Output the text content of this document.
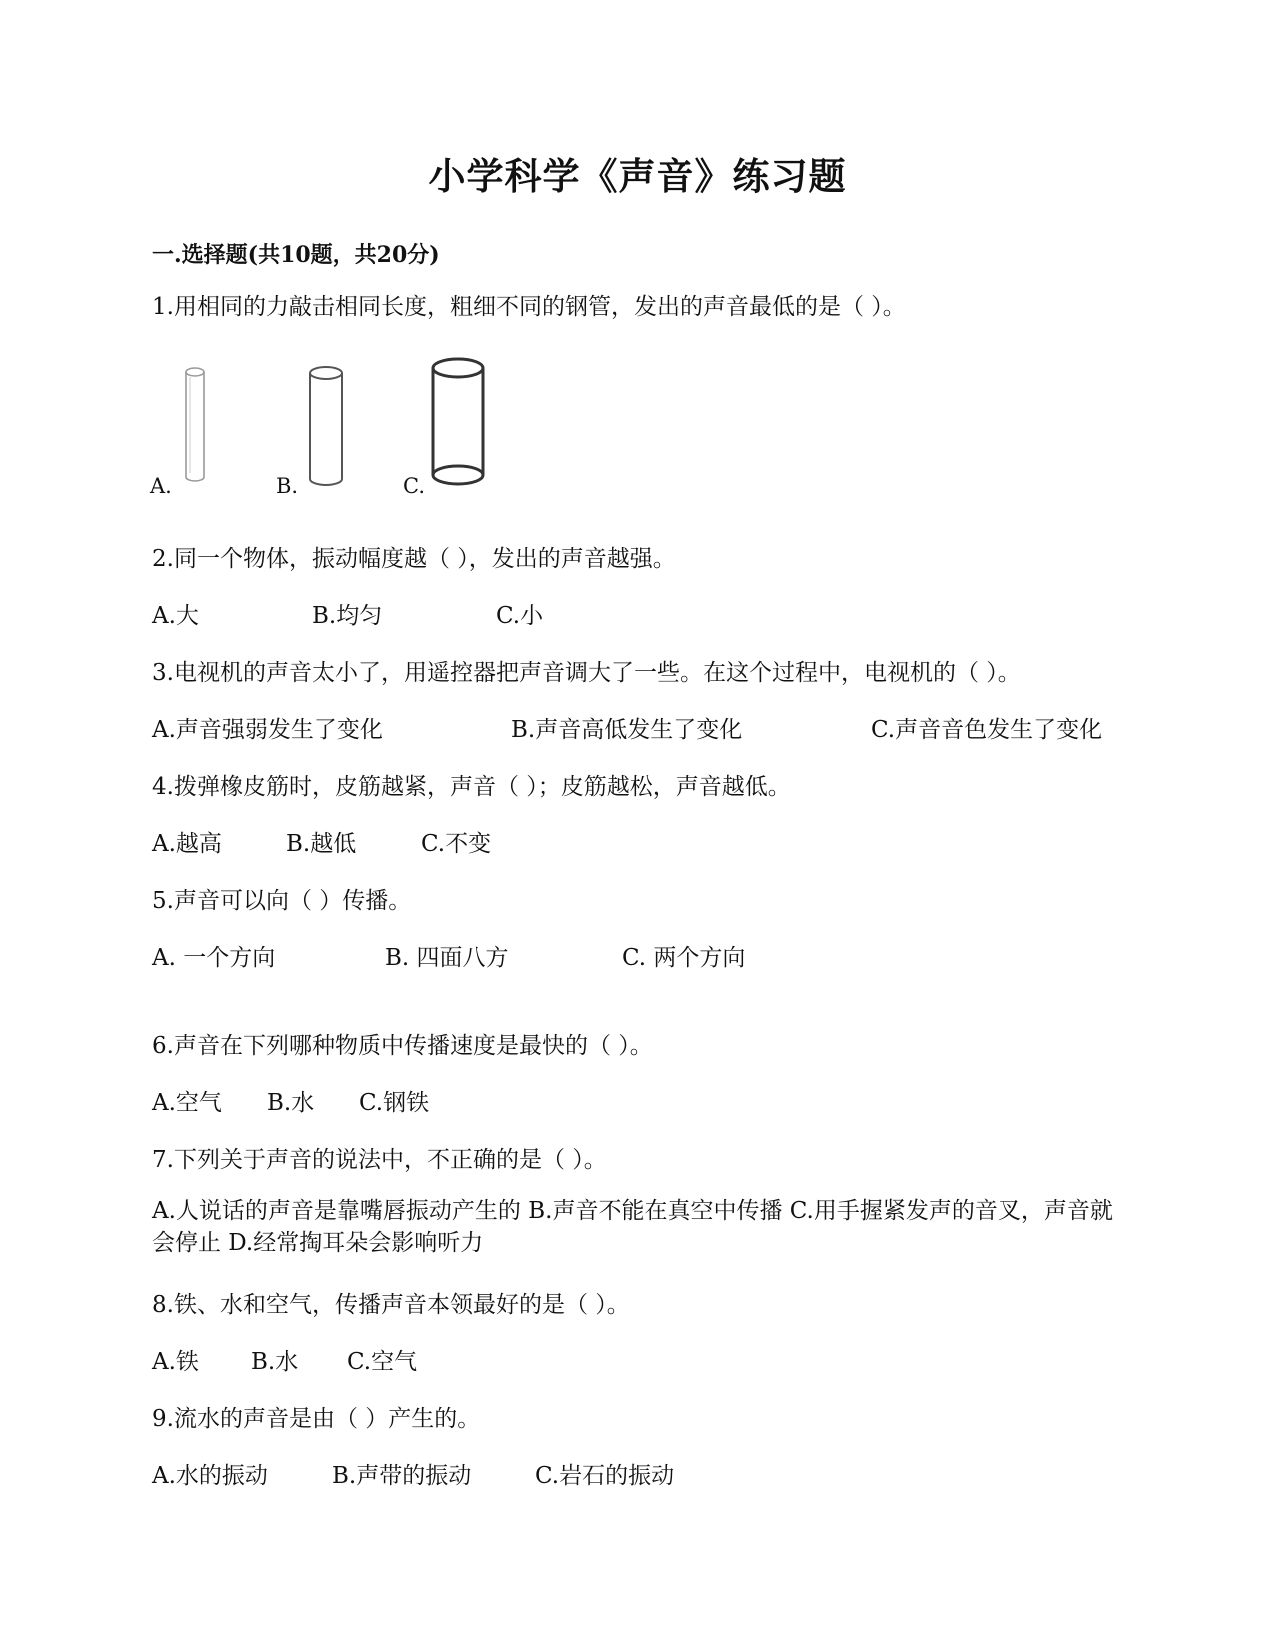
小学科学《声音》练习题
一.选择题(共10题，共20分)
1.用相同的力敲击相同长度，粗细不同的钢管，发出的声音最低的是（ ）。
A.	B.	C.
2.同一个物体，振动幅度越（ ），发出的声音越强。
A.大	B.均匀	C.小
3.电视机的声音太小了，用遥控器把声音调大了一些。在这个过程中，电视机的（ ）。
A.声音强弱发生了变化	B.声音高低发生了变化	C.声音音色发生了变化
4.拨弹橡皮筋时，皮筋越紧，声音（ ）；皮筋越松，声音越低。
A.越高	B.越低	C.不变
5.声音可以向（ ）传播。
A. 一个方向	B. 四面八方	C. 两个方向
6.声音在下列哪种物质中传播速度是最快的（ ）。
A.空气 B.水 C.钢铁
7.下列关于声音的说法中，不正确的是（ ）。
A.人说话的声音是靠嘴唇振动产生的 B.声音不能在真空中传播 C.用手握紧发声的音叉，声音就会停止 D.经常掏耳朵会影响听力
8.铁、水和空气，传播声音本领最好的是（ ）。
A.铁 B.水 C.空气
9.流水的声音是由（ ）产生的。
A.水的振动	B.声带的振动	C.岩石的振动
